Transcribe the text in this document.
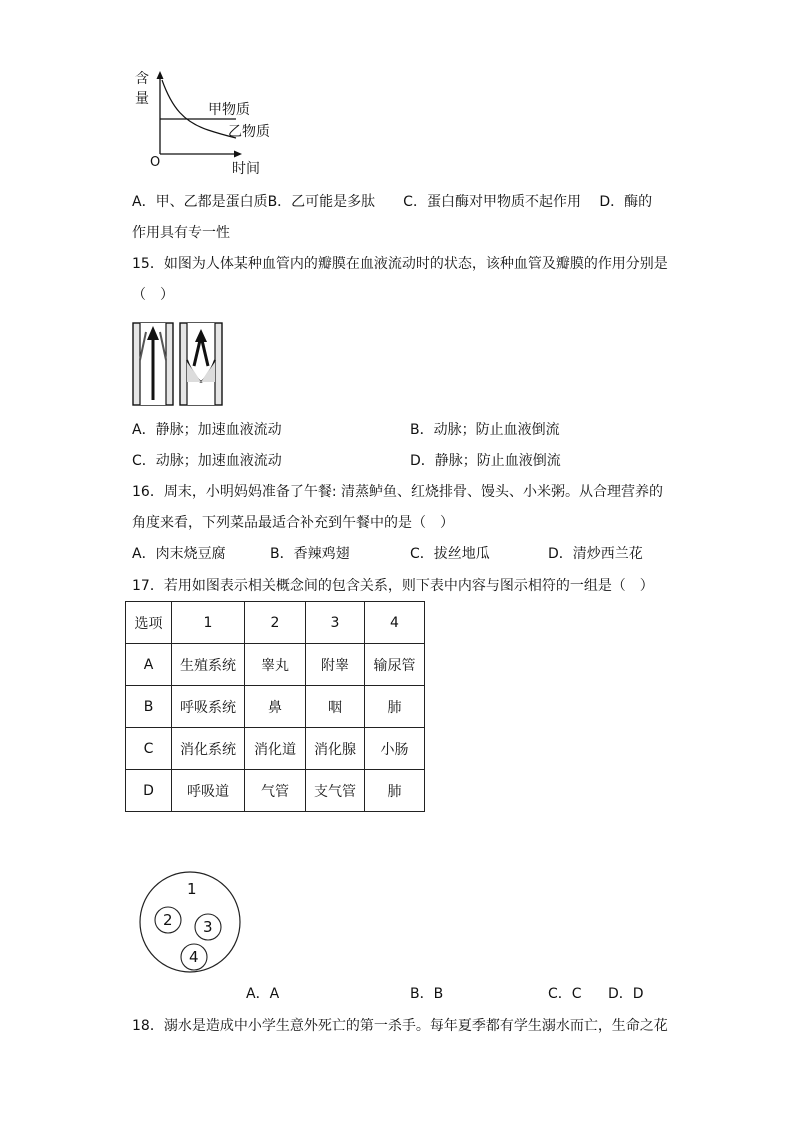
含
量
O	时间
甲物质
乙物质
A．甲、乙都是蛋白质B．乙可能是多肽　　C．蛋白酶对甲物质不起作用　 D．酶的
作用具有专一性
15．如图为人体某种血管内的瓣膜在血液流动时的状态，该种血管及瓣膜的作用分别是
（　）
A．静脉；加速血液流动	B．动脉；防止血液倒流
C．动脉；加速血液流动	D．静脉；防止血液倒流
16．周末，小明妈妈准备了午餐: 清蒸鲈鱼、红烧排骨、馒头、小米粥。从合理营养的
角度来看，下列菜品最适合补充到午餐中的是（　）
A．肉末烧豆腐	B．香辣鸡翅	C．拔丝地瓜	D．清炒西兰花
17．若用如图表示相关概念间的包含关系，则下表中内容与图示相符的一组是（　）
选项	1	2	3	4
A	生殖系统	睾丸	附睾	输尿管
B	呼吸系统	鼻	咽	肺
C	消化系统	消化道	消化腺	小肠
D	呼吸道	气管	支气管	肺
1
2 3
4
A．A	B．B	C．C D．D
18．溺水是造成中小学生意外死亡的第一杀手。每年夏季都有学生溺水而亡，生命之花
